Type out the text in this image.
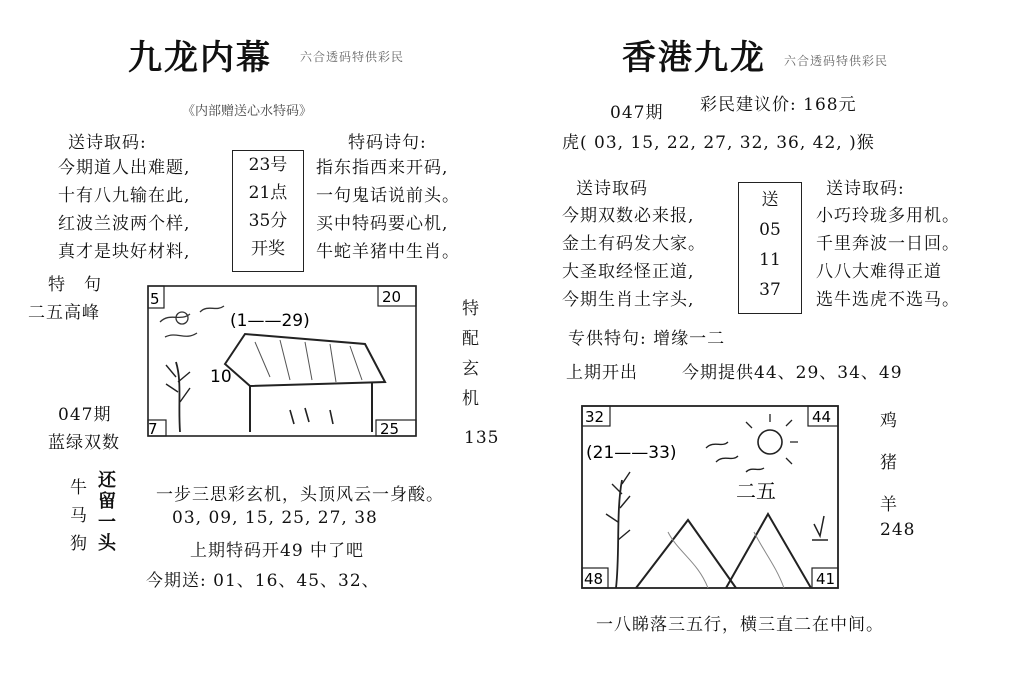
九龙内幕 六合透码特供彩民
《内部赠送心水特码》
送诗取码:	特码诗句:
今期道人出难题,
十有八九输在此,
红波兰波两个样,
真才是块好材料,
23号
21点
35分
开奖
指东指西来开码,
一句鬼话说前头。
买中特码要心机,
牛蛇羊猪中生肖。
特　句
二五高峰
047期
蓝绿双数
5	20
7	25
(1——29)
10
特
配
玄
机
135
牛
马
狗
还
留
一
头
一步三思彩玄机，头顶风云一身酸。
03, 09, 15, 25, 27, 38
上期特码开49 中了吧
今期送: 01、16、45、32、
香港九龙 六合透码特供彩民
047期 彩民建议价: 168元
虎( 03, 15, 22, 27, 32, 36, 42, )猴
送诗取码	送诗取码:
今期双数必来报,
金土有码发大家。
大圣取经怪正道,
今期生肖土字头,
送
05
11
37
小巧玲珑多用机。
千里奔波一日回。
八八大难得正道
选牛选虎不选马。
专供特句: 增缘一二
上期开出	今期提供44、29、34、49
32	44
48	41
(21——33)
二五
鸡
猪
羊
248
一八睇落三五行，横三直二在中间。
